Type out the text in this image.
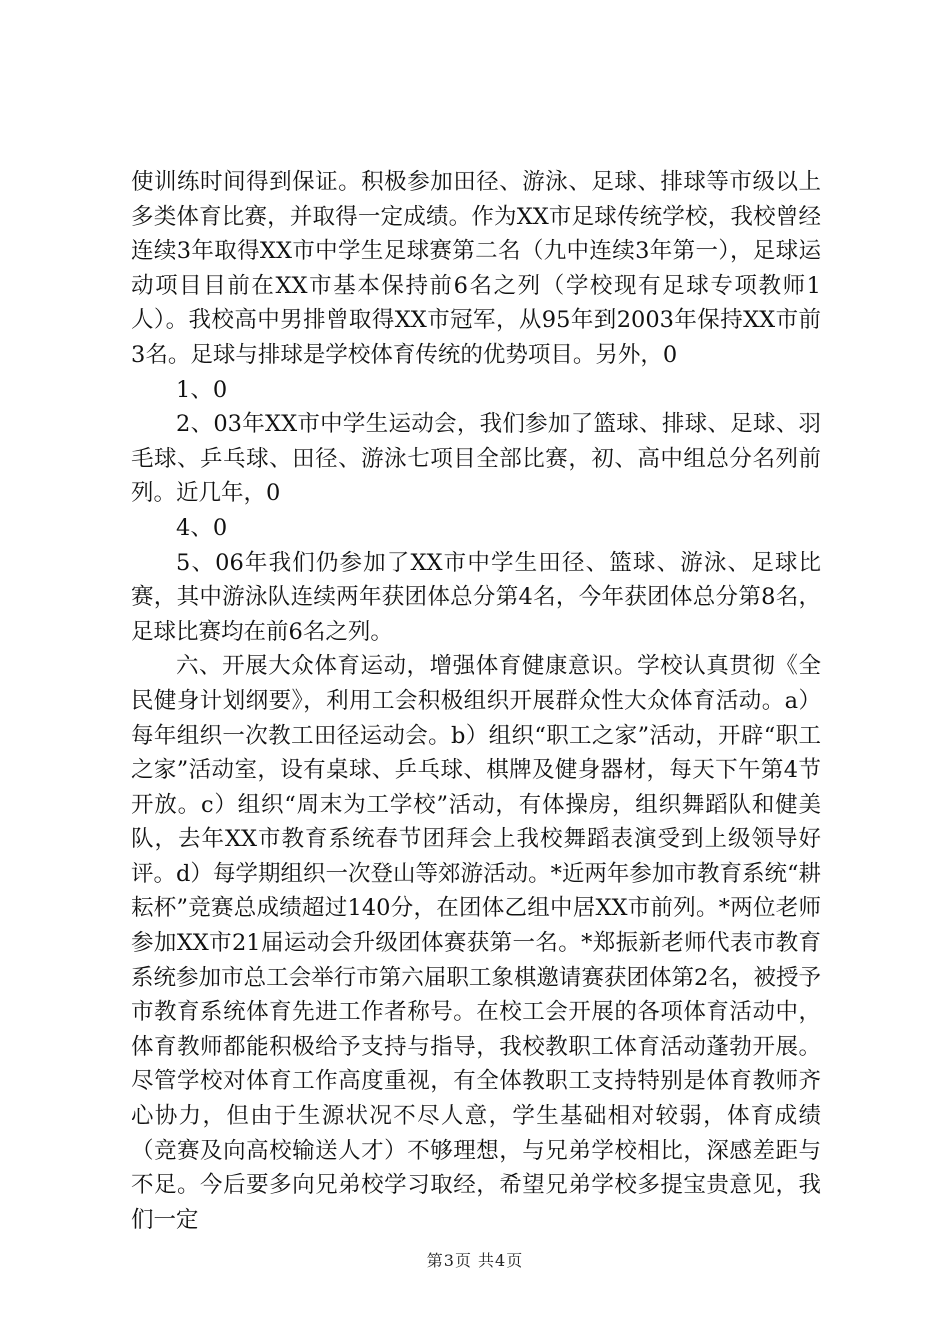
使训练时间得到保证。积极参加田径、游泳、足球、排球等市级以上多类体育比赛，并取得一定成绩。作为XX市足球传统学校，我校曾经连续3年取得XX市中学生足球赛第二名（九中连续3年第一），足球运动项目目前在XX市基本保持前6名之列（学校现有足球专项教师1人）。我校高中男排曾取得XX市冠军，从95年到2003年保持XX市前3名。足球与排球是学校体育传统的优势项目。另外，0

1、0

2、03年XX市中学生运动会，我们参加了篮球、排球、足球、羽毛球、乒乓球、田径、游泳七项目全部比赛，初、高中组总分名列前列。近几年，0

4、0

5、06年我们仍参加了XX市中学生田径、篮球、游泳、足球比赛，其中游泳队连续两年获团体总分第4名，今年获团体总分第8名，足球比赛均在前6名之列。

六、开展大众体育运动，增强体育健康意识。学校认真贯彻《全民健身计划纲要》，利用工会积极组织开展群众性大众体育活动。a）每年组织一次教工田径运动会。b）组织“职工之家”活动，开辟“职工之家”活动室，设有桌球、乒乓球、棋牌及健身器材，每天下午第4节开放。c）组织“周末为工学校”活动，有体操房，组织舞蹈队和健美队，去年XX市教育系统春节团拜会上我校舞蹈表演受到上级领导好评。d）每学期组织一次登山等郊游活动。*近两年参加市教育系统“耕耘杯”竞赛总成绩超过140分，在团体乙组中居XX市前列。*两位老师参加XX市21届运动会升级团体赛获第一名。*郑振新老师代表市教育系统参加市总工会举行市第六届职工象棋邀请赛获团体第2名，被授予市教育系统体育先进工作者称号。在校工会开展的各项体育活动中，体育教师都能积极给予支持与指导，我校教职工体育活动蓬勃开展。尽管学校对体育工作高度重视，有全体教职工支持特别是体育教师齐心协力，但由于生源状况不尽人意，学生基础相对较弱，体育成绩（竞赛及向高校输送人才）不够理想，与兄弟学校相比，深感差距与不足。今后要多向兄弟校学习取经，希望兄弟学校多提宝贵意见，我们一定

第3页 共4页
